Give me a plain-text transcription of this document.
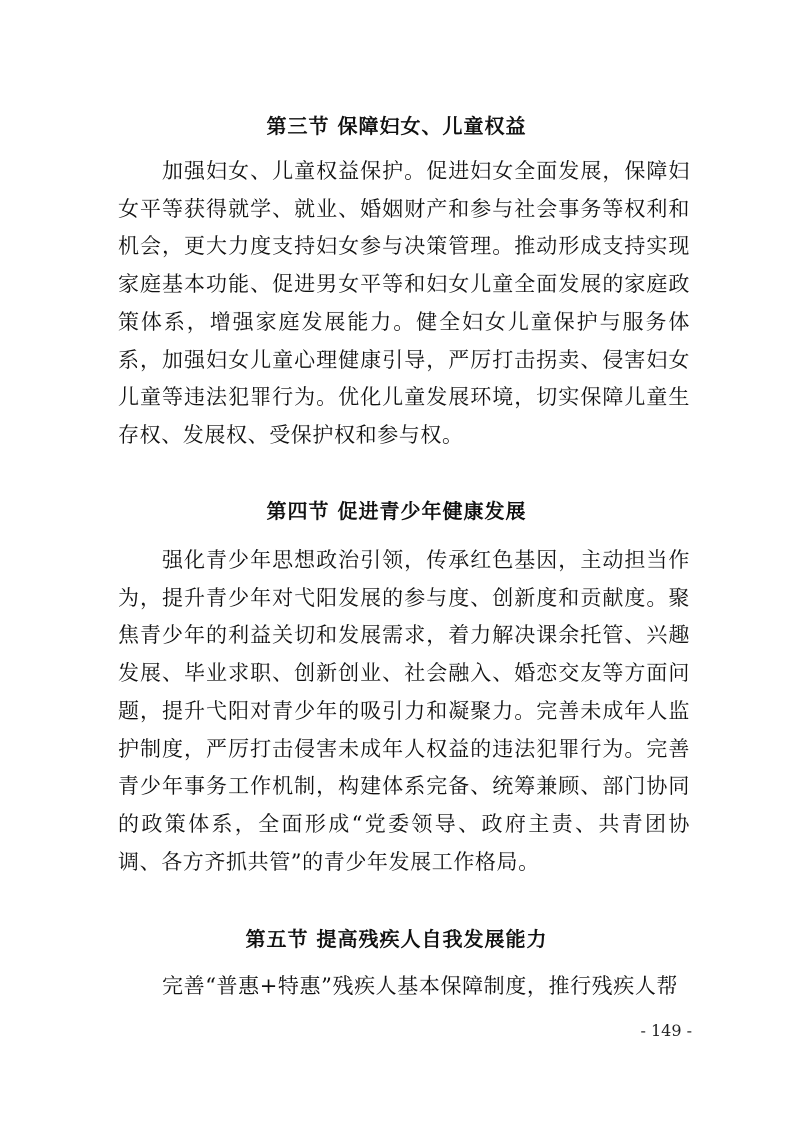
第三节 保障妇女、儿童权益

加强妇女、儿童权益保护。促进妇女全面发展，保障妇女平等获得就学、就业、婚姻财产和参与社会事务等权利和机会，更大力度支持妇女参与决策管理。推动形成支持实现家庭基本功能、促进男女平等和妇女儿童全面发展的家庭政策体系，增强家庭发展能力。健全妇女儿童保护与服务体系，加强妇女儿童心理健康引导，严厉打击拐卖、侵害妇女儿童等违法犯罪行为。优化儿童发展环境，切实保障儿童生存权、发展权、受保护权和参与权。

第四节 促进青少年健康发展

强化青少年思想政治引领，传承红色基因，主动担当作为，提升青少年对弋阳发展的参与度、创新度和贡献度。聚焦青少年的利益关切和发展需求，着力解决课余托管、兴趣发展、毕业求职、创新创业、社会融入、婚恋交友等方面问题，提升弋阳对青少年的吸引力和凝聚力。完善未成年人监护制度，严厉打击侵害未成年人权益的违法犯罪行为。完善青少年事务工作机制，构建体系完备、统筹兼顾、部门协同的政策体系，全面形成“党委领导、政府主责、共青团协调、各方齐抓共管”的青少年发展工作格局。

第五节 提高残疾人自我发展能力

完善“普惠+特惠”残疾人基本保障制度，推行残疾人帮

- 149 -
